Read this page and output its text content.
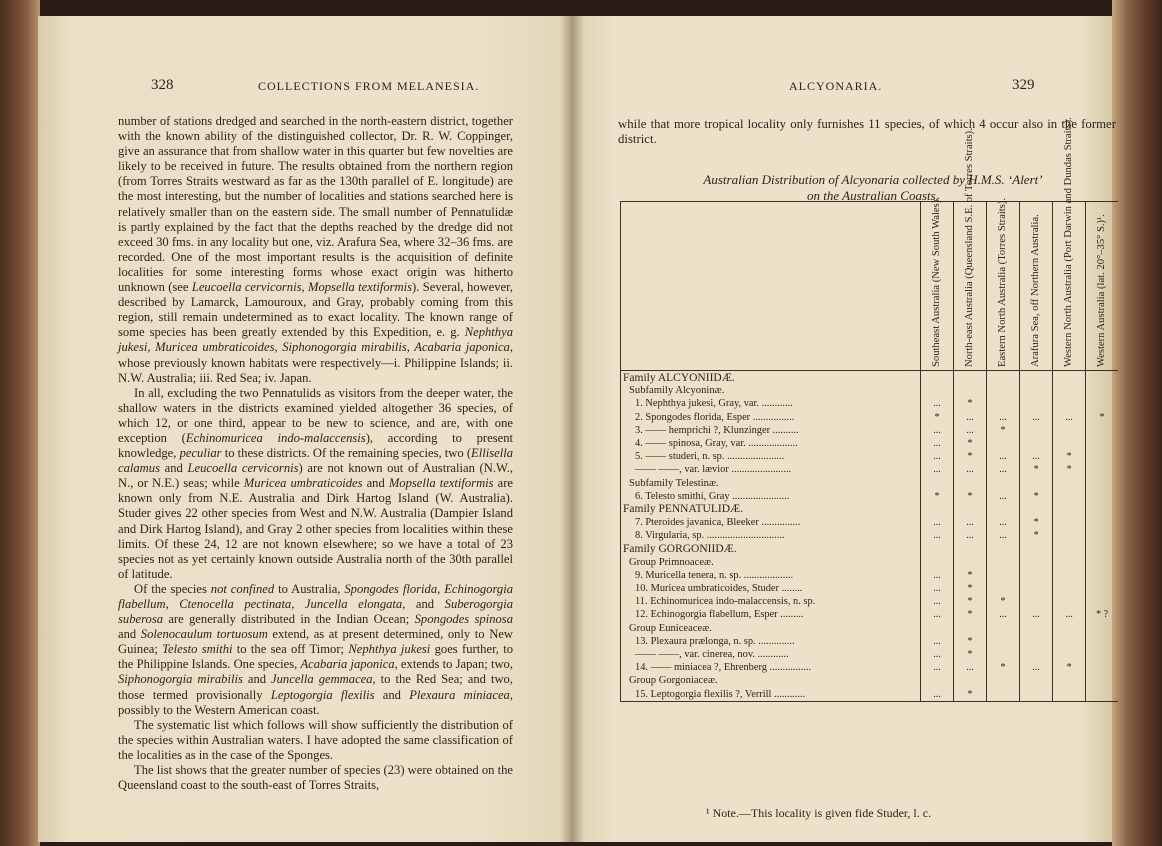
328	COLLECTIONS FROM MELANESIA.

number of stations dredged and searched in the north-eastern district, together with the known ability of the distinguished collector, Dr. R. W. Coppinger, give an assurance that from shallow water in this quarter but few novelties are likely to be received in future. The results obtained from the northern region (from Torres Straits westward as far as the 130th parallel of E. longitude) are the most interesting, but the number of localities and stations searched here is relatively smaller than on the eastern side. The small number of Pennatulidæ is partly explained by the fact that the depths reached by the dredge did not exceed 30 fms. in any locality but one, viz. Arafura Sea, where 32–36 fms. are recorded. One of the most important results is the acquisition of definite localities for some interesting forms whose exact origin was hitherto unknown (see Leucoella cervicornis, Mopsella textiformis). Several, however, described by Lamarck, Lamouroux, and Gray, probably coming from this region, still remain undetermined as to exact locality. The known range of some species has been greatly extended by this Expedition, e. g. Nephthya jukesi, Muricea umbraticoides, Siphonogorgia mirabilis, Acabaria japonica, whose previously known habitats were respectively—i. Philippine Islands; ii. N.W. Australia; iii. Red Sea; iv. Japan.

In all, excluding the two Pennatulids as visitors from the deeper water, the shallow waters in the districts examined yielded altogether 36 species, of which 12, or one third, appear to be new to science, and are, with one exception (Echinomuricea indo-malaccensis), according to present knowledge, peculiar to these districts. Of the remaining species, two (Ellisella calamus and Leucoella cervicornis) are not known out of Australian (N.W., N., or N.E.) seas; while Muricea umbraticoides and Mopsella textiformis are known only from N.E. Australia and Dirk Hartog Island (W. Australia). Studer gives 22 other species from West and N.W. Australia (Dampier Island and Dirk Hartog Island), and Gray 2 other species from localities within these limits. Of these 24, 12 are not known elsewhere; so we have a total of 23 species not as yet certainly known outside Australia north of the 30th parallel of latitude.

Of the species not confined to Australia, Spongodes florida, Echinogorgia flabellum, Ctenocella pectinata, Juncella elongata, and Suberogorgia suberosa are generally distributed in the Indian Ocean; Spongodes spinosa and Solenocaulum tortuosum extend, as at present determined, only to New Guinea; Telesto smithi to the sea off Timor; Nephthya jukesi goes further, to the Philippine Islands. One species, Acabaria japonica, extends to Japan; two, Siphonogorgia mirabilis and Juncella gemmacea, to the Red Sea; and two, those termed provisionally Leptogorgia flexilis and Plexaura miniacea, possibly to the Western American coast.

The systematic list which follows will show sufficiently the distribution of the species within Australian waters. I have adopted the same classification of the localities as in the case of the Sponges.

The list shows that the greater number of species (23) were obtained on the Queensland coast to the south-east of Torres Straits,

ALCYONARIA.	329

while that more tropical locality only furnishes 11 species, of which 4 occur also in the former district.

Australian Distribution of Alcyonaria collected by H.M.S. ‘Alert’
on the Australian Coasts.

	Southeast Australia (New South Wales).	North-east Australia (Queensland S.E. of Torres Straits).	Eastern North Australia (Torres Straits).	Arafura Sea, off Northern Australia.	Western North Australia (Port Darwin and Dundas Straits).	Western Australia (lat. 20°–35° S.)¹.

Family ALCYONIIDÆ.						
Subfamily Alcyoninæ.						
1. Nephthya jukesi, Gray, var. ............	...	*				
2. Spongodes florida, Esper ................	*	...	...	...	...	*
3. —— hemprichi ?, Klunzinger ..........	...	...	*			
4. —— spinosa, Gray, var. ...................	...	*				
5. —— studeri, n. sp. ......................	...	*	...	...	*	
—— ——, var. lævior .......................	...	...	...	*	*	
Subfamily Telestinæ.						
6. Telesto smithi, Gray ......................	*	*	...	*		
Family PENNATULIDÆ.						
7. Pteroides javanica, Bleeker ...............	...	...	...	*		
8. Virgularia, sp. ..............................	...	...	...	*		
Family GORGONIIDÆ.						
Group Primnoaceæ.						
9. Muricella tenera, n. sp. ...................	...	*				
10. Muricea umbraticoides, Studer ........	...	*				
11. Echinomuricea indo-malaccensis, n. sp.	...	*	*			
12. Echinogorgia flabellum, Esper .........	...	*	...	...	...	* ?
Group Euniceaceæ.						
13. Plexaura prælonga, n. sp. ..............	...	*				
—— ——, var. cinerea, nov. ............	...	*				
14. —— miniacea ?, Ehrenberg ................	...	...	*	...	*	
Group Gorgoniaceæ.						
15. Leptogorgia flexilis ?, Verrill ............	...	*				
¹ Note.—This locality is given fide Studer, l. c.
